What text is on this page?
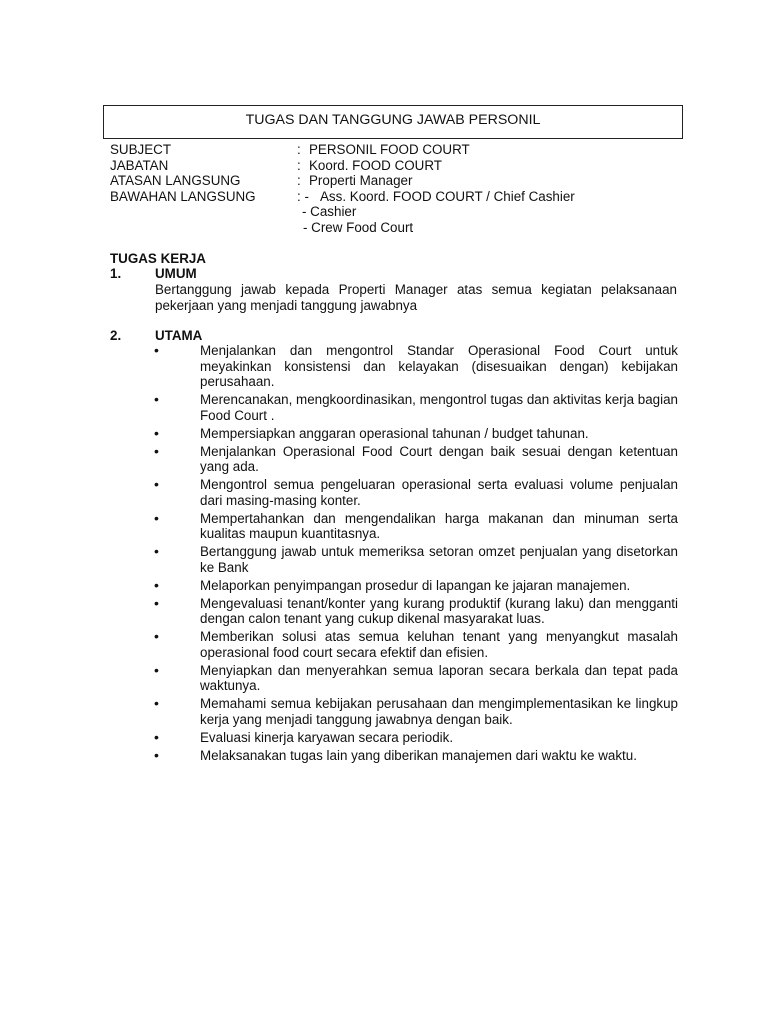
TUGAS DAN TANGGUNG JAWAB PERSONIL
SUBJECT	: PERSONIL FOOD COURT
JABATAN	: Koord. FOOD COURT
ATASAN LANGSUNG	: Properti Manager
BAWAHAN LANGSUNG	: - Ass. Koord. FOOD COURT / Chief Cashier
- Cashier
- Crew Food Court
TUGAS KERJA
1.	UMUM
Bertanggung jawab kepada Properti Manager atas semua kegiatan pelaksanaan pekerjaan yang menjadi tanggung jawabnya
2.	UTAMA
•	Menjalankan dan mengontrol Standar Operasional Food Court untuk meyakinkan konsistensi dan kelayakan (disesuaikan dengan) kebijakan perusahaan.
•	Merencanakan, mengkoordinasikan, mengontrol tugas dan aktivitas kerja bagian Food Court .
•	Mempersiapkan anggaran operasional tahunan / budget tahunan.
•	Menjalankan Operasional Food Court dengan baik sesuai dengan ketentuan yang ada.
•	Mengontrol semua pengeluaran operasional serta evaluasi volume penjualan dari masing-masing konter.
•	Mempertahankan dan mengendalikan harga makanan dan minuman serta kualitas maupun kuantitasnya.
•	Bertanggung jawab untuk memeriksa setoran omzet penjualan yang disetorkan ke Bank
•	Melaporkan penyimpangan prosedur di lapangan ke jajaran manajemen.
•	Mengevaluasi tenant/konter yang kurang produktif (kurang laku) dan mengganti dengan calon tenant yang cukup dikenal masyarakat luas.
•	Memberikan solusi atas semua keluhan tenant yang menyangkut masalah operasional food court secara efektif dan efisien.
•	Menyiapkan dan menyerahkan semua laporan secara berkala dan tepat pada waktunya.
•	Memahami semua kebijakan perusahaan dan mengimplementasikan ke lingkup kerja yang menjadi tanggung jawabnya dengan baik.
•	Evaluasi kinerja karyawan secara periodik.
•	Melaksanakan tugas lain yang diberikan manajemen dari waktu ke waktu.
